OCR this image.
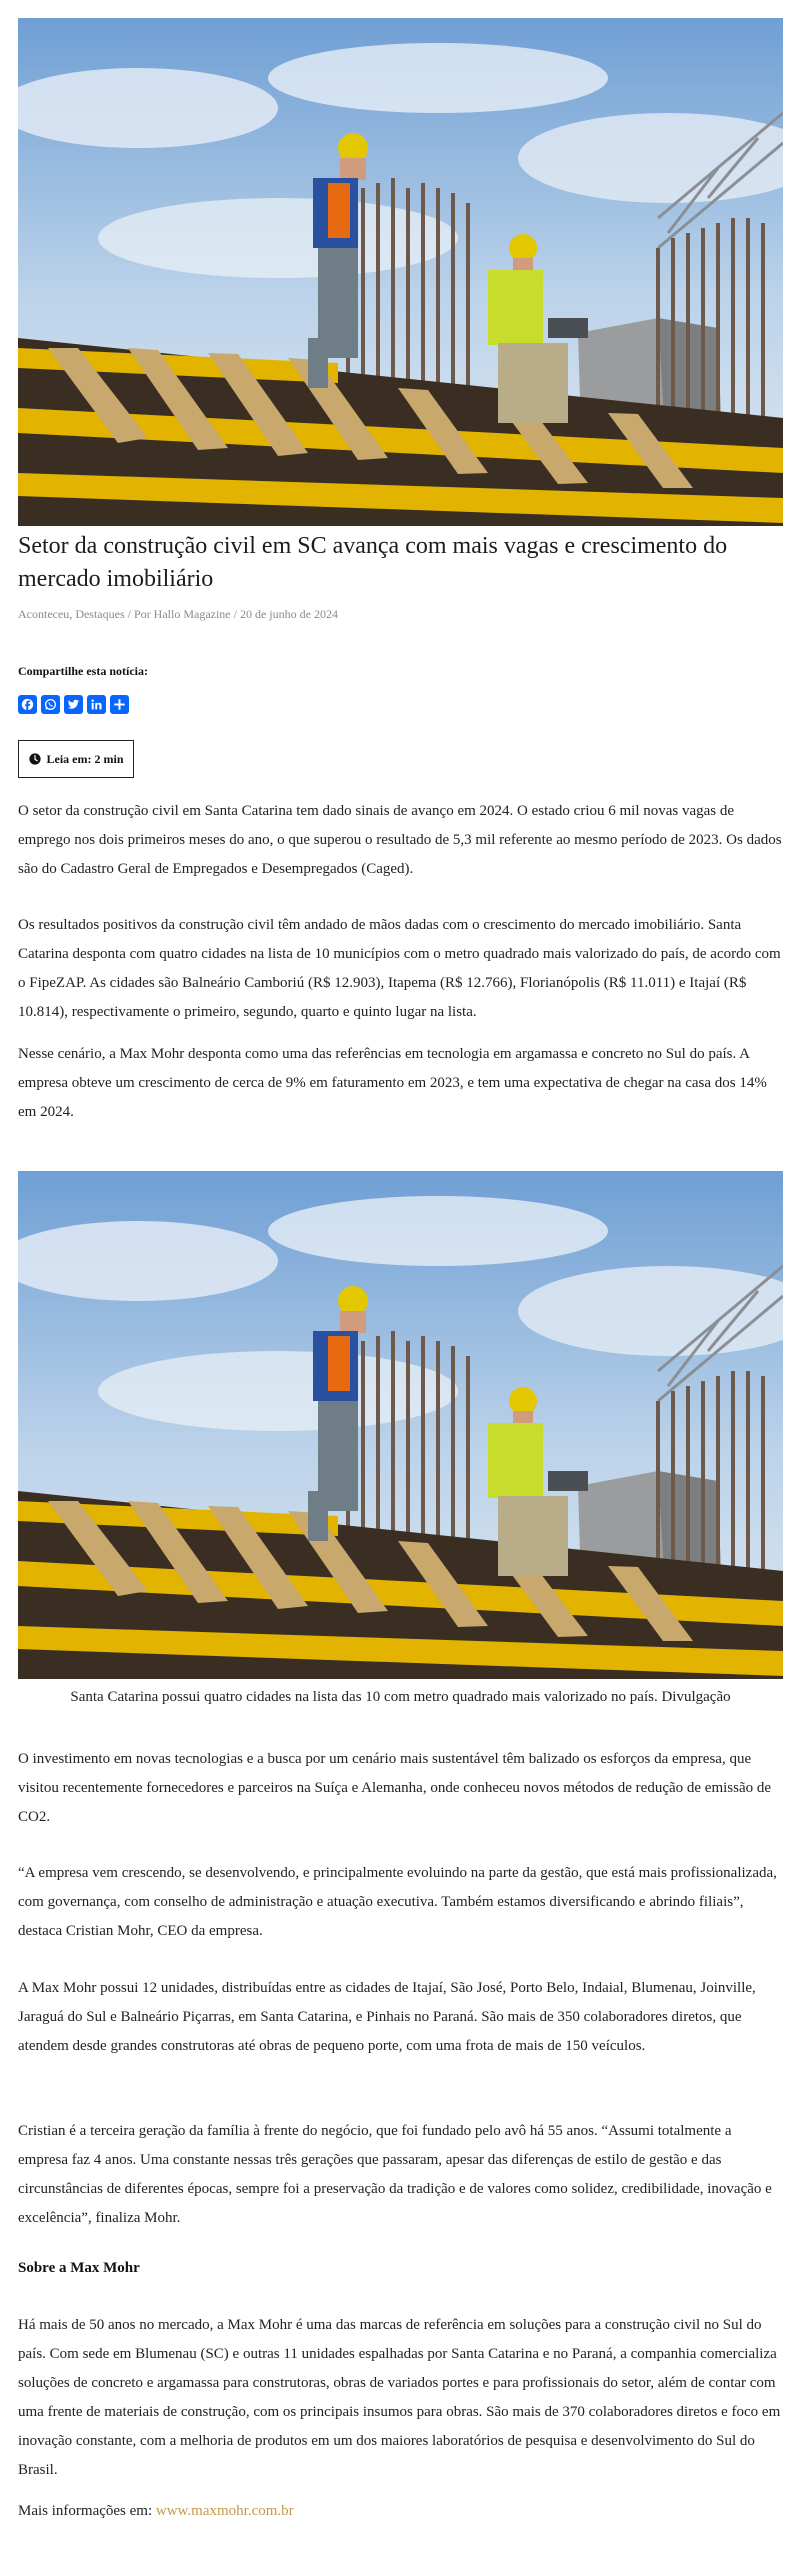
Setor da construção civil em SC avança com mais vagas e crescimento do mercado imobiliário
Aconteceu , Destaques / Por Hallo Magazine / 20 de junho de 2024
Compartilhe esta notícia:
Leia em: 2 min

O setor da construção civil em Santa Catarina tem dado sinais de avanço em 2024. O estado criou 6 mil novas vagas de emprego nos dois primeiros meses do ano, o que superou o resultado de 5,3 mil referente ao mesmo período de 2023. Os dados são do Cadastro Geral de Empregados e Desempregados (Caged).

Os resultados positivos da construção civil têm andado de mãos dadas com o crescimento do mercado imobiliário. Santa Catarina desponta com quatro cidades na lista de 10 municípios com o metro quadrado mais valorizado do país, de acordo com o FipeZAP. As cidades são Balneário Camboriú (R$ 12.903), Itapema (R$ 12.766), Florianópolis (R$ 11.011) e Itajaí (R$ 10.814), respectivamente o primeiro, segundo, quarto e quinto lugar na lista.

Nesse cenário, a Max Mohr desponta como uma das referências em tecnologia em argamassa e concreto no Sul do país. A empresa obteve um crescimento de cerca de 9% em faturamento em 2023, e tem uma expectativa de chegar na casa dos 14% em 2024.

Santa Catarina possui quatro cidades na lista das 10 com metro quadrado mais valorizado no país. Divulgação

O investimento em novas tecnologias e a busca por um cenário mais sustentável têm balizado os esforços da empresa, que visitou recentemente fornecedores e parceiros na Suíça e Alemanha, onde conheceu novos métodos de redução de emissão de CO2.

“A empresa vem crescendo, se desenvolvendo, e principalmente evoluindo na parte da gestão, que está mais profissionalizada, com governança, com conselho de administração e atuação executiva. Também estamos diversificando e abrindo filiais”, destaca Cristian Mohr, CEO da empresa.

A Max Mohr possui 12 unidades, distribuídas entre as cidades de Itajaí, São José, Porto Belo, Indaial, Blumenau, Joinville, Jaraguá do Sul e Balneário Piçarras, em Santa Catarina, e Pinhais no Paraná. São mais de 350 colaboradores diretos, que atendem desde grandes construtoras até obras de pequeno porte, com uma frota de mais de 150 veículos.

Cristian é a terceira geração da família à frente do negócio, que foi fundado pelo avô há 55 anos. “Assumi totalmente a empresa faz 4 anos. Uma constante nessas três gerações que passaram, apesar das diferenças de estilo de gestão e das circunstâncias de diferentes épocas, sempre foi a preservação da tradição e de valores como solidez, credibilidade, inovação e excelência”, finaliza Mohr.

Sobre a Max Mohr

Há mais de 50 anos no mercado, a Max Mohr é uma das marcas de referência em soluções para a construção civil no Sul do país. Com sede em Blumenau (SC) e outras 11 unidades espalhadas por Santa Catarina e no Paraná, a companhia comercializa soluções de concreto e argamassa para construtoras, obras de variados portes e para profissionais do setor, além de contar com uma frente de materiais de construção, com os principais insumos para obras. São mais de 370 colaboradores diretos e foco em inovação constante, com a melhoria de produtos em um dos maiores laboratórios de pesquisa e desenvolvimento do Sul do Brasil.

Mais informações em: www.maxmohr.com.br
